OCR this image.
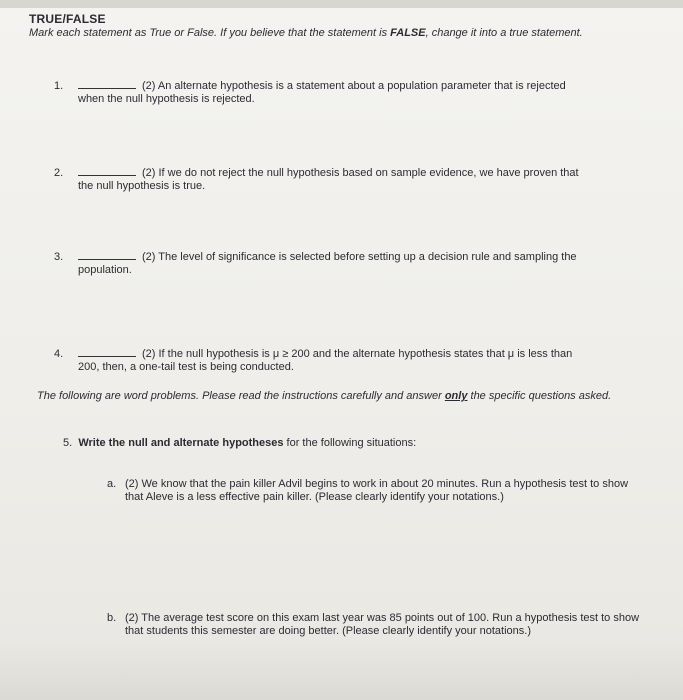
TRUE/FALSE
Mark each statement as True or False. If you believe that the statement is FALSE, change it into a true statement.
1.	(2) An alternate hypothesis is a statement about a population parameter that is rejected
when the null hypothesis is rejected.
2.	(2) If we do not reject the null hypothesis based on sample evidence, we have proven that
the null hypothesis is true.
3.	(2) The level of significance is selected before setting up a decision rule and sampling the
population.
4.	(2) If the null hypothesis is μ ≥ 200 and the alternate hypothesis states that μ is less than
200, then, a one-tail test is being conducted.
The following are word problems. Please read the instructions carefully and answer only the specific questions asked.
5. Write the null and alternate hypotheses for the following situations:
a. (2) We know that the pain killer Advil begins to work in about 20 minutes. Run a hypothesis test to show that Aleve is a less effective pain killer. (Please clearly identify your notations.)
b. (2) The average test score on this exam last year was 85 points out of 100. Run a hypothesis test to show that students this semester are doing better. (Please clearly identify your notations.)
